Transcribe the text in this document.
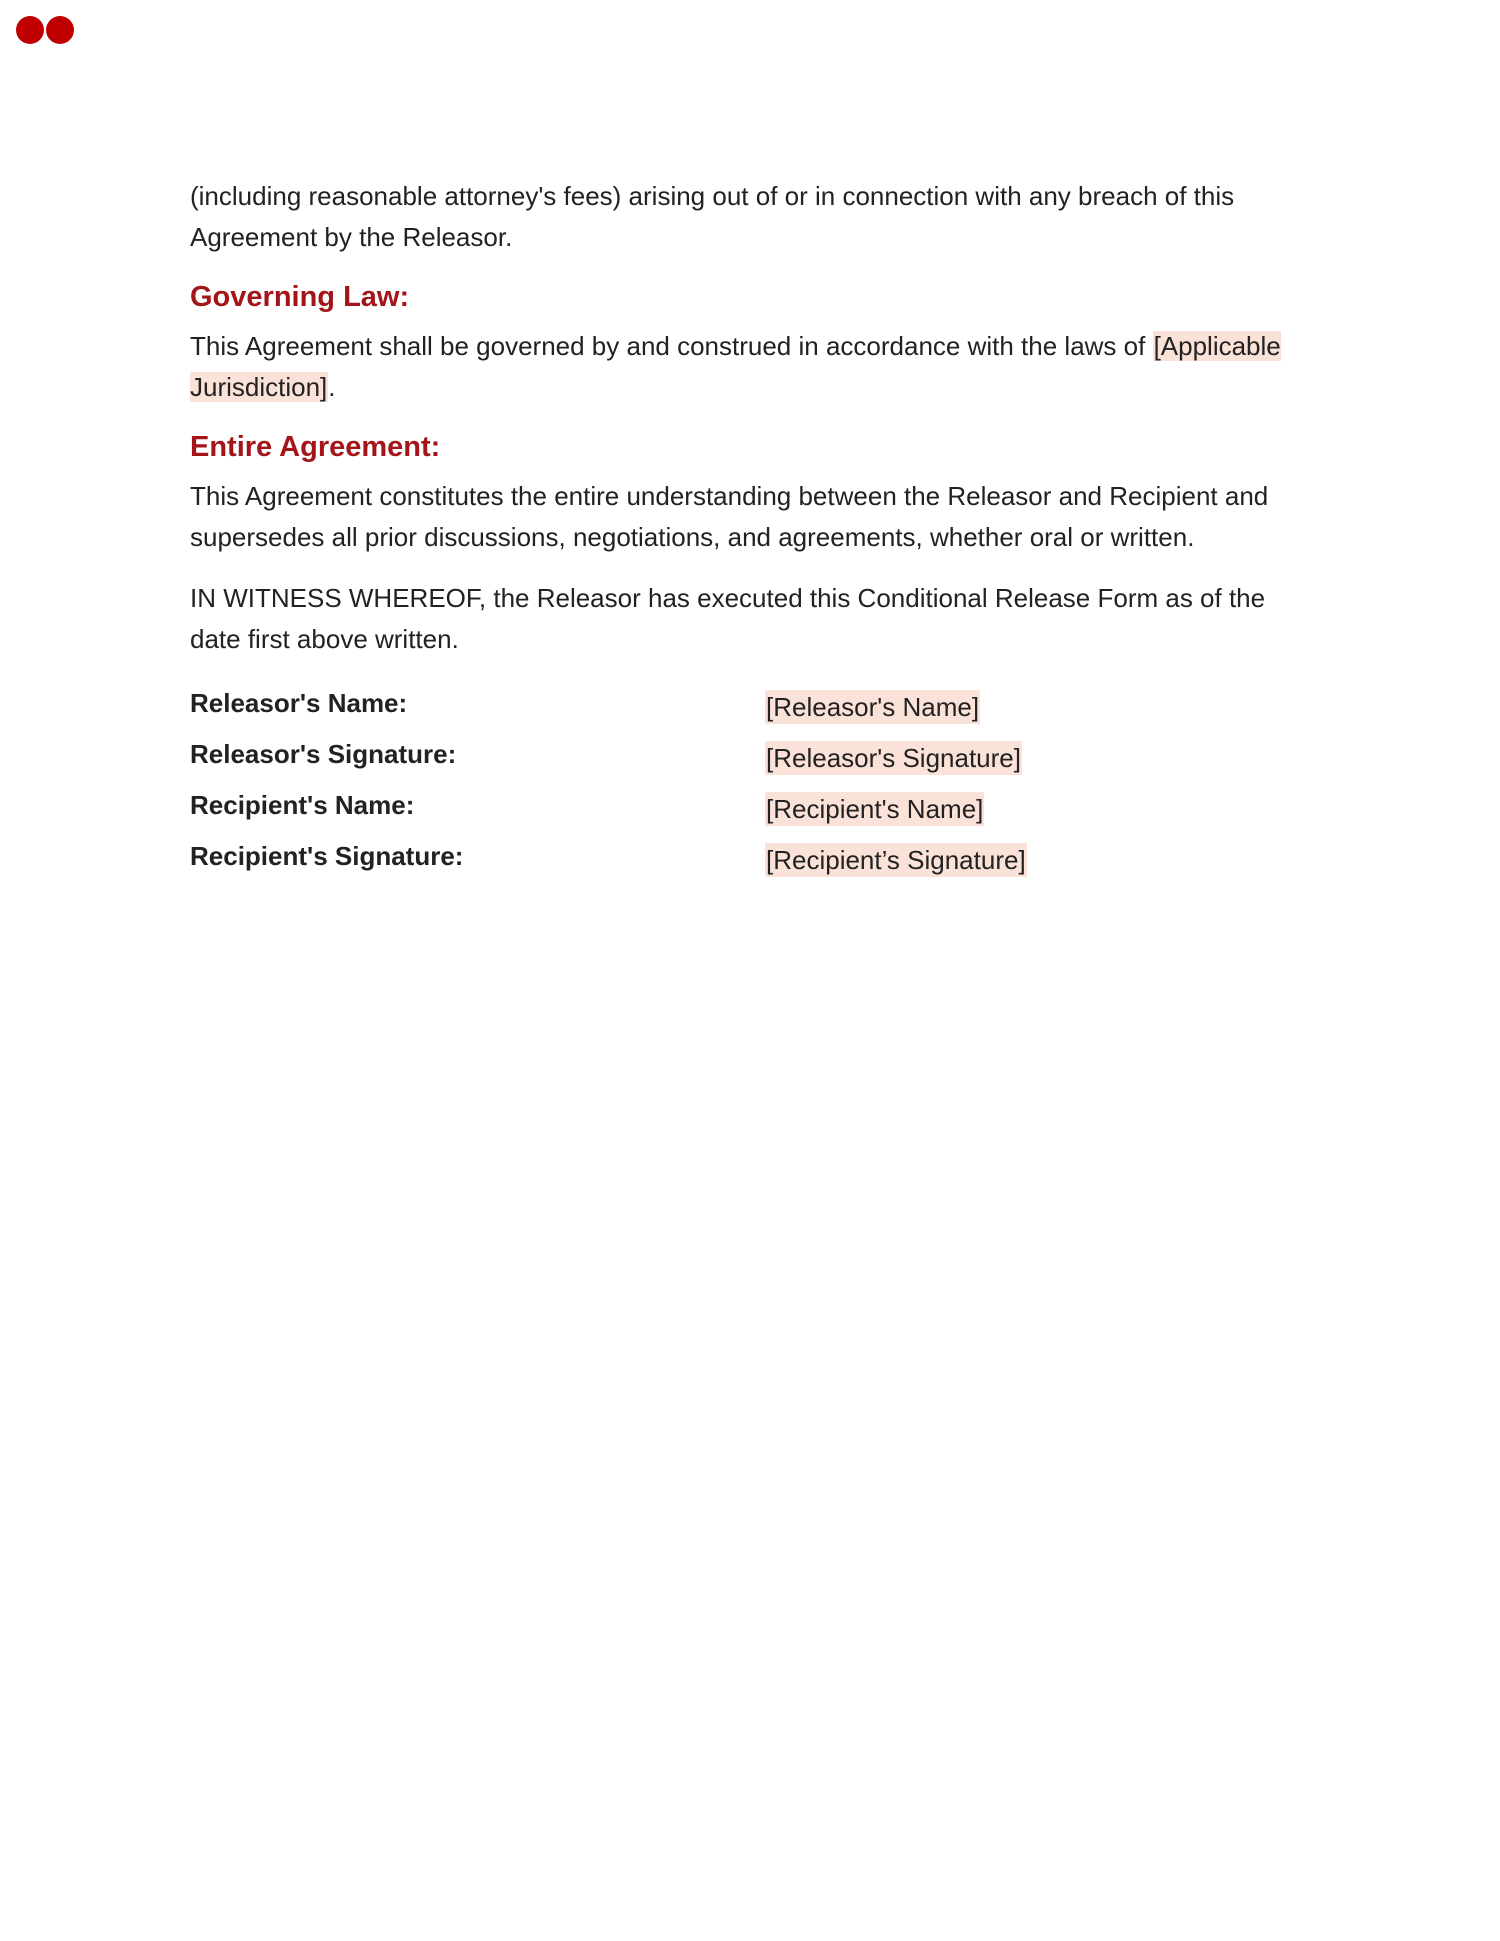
(including reasonable attorney's fees) arising out of or in connection with any breach of this Agreement by the Releasor.

Governing Law:

This Agreement shall be governed by and construed in accordance with the laws of [Applicable Jurisdiction].

Entire Agreement:

This Agreement constitutes the entire understanding between the Releasor and Recipient and supersedes all prior discussions, negotiations, and agreements, whether oral or written.

IN WITNESS WHEREOF, the Releasor has executed this Conditional Release Form as of the date first above written.

Releasor's Name:	[Releasor's Name]
Releasor's Signature:	[Releasor's Signature]
Recipient's Name:	[Recipient's Name]
Recipient's Signature:	[Recipient’s Signature]
